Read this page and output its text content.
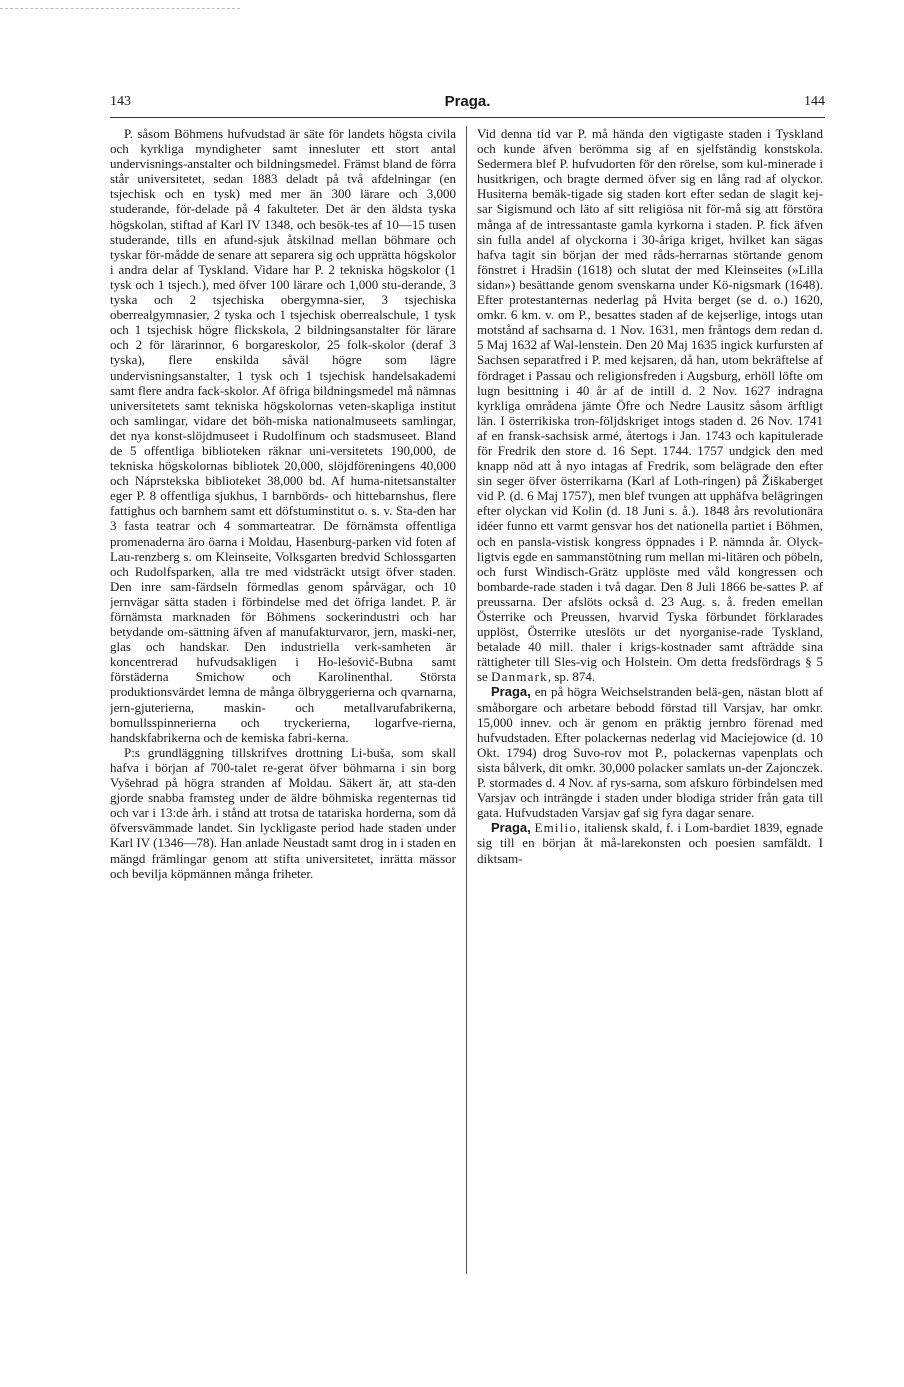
143	Praga.	144

P. såsom Böhmens hufvudstad är säte för landets högsta civila och kyrkliga myndigheter samt innesluter ett stort antal undervisnings-anstalter och bildningsmedel. Främst bland de förra står universitetet, sedan 1883 deladt på två afdelningar (en tsjechisk och en tysk) med mer än 300 lärare och 3,000 studerande, för-delade på 4 fakulteter. Det är den äldsta tyska högskolan, stiftad af Karl IV 1348, och besök-tes af 10—15 tusen studerande, tills en afund-sjuk åtskilnad mellan böhmare och tyskar för-mådde de senare att separera sig och upprätta högskolor i andra delar af Tyskland. Vidare har P. 2 tekniska högskolor (1 tysk och 1 tsjech.), med öfver 100 lärare och 1,000 stu-derande, 3 tyska och 2 tsjechiska obergymna-sier, 3 tsjechiska oberrealgymnasier, 2 tyska och 1 tsjechisk oberrealschule, 1 tysk och 1 tsjechisk högre flickskola, 2 bildningsanstalter för lärare och 2 för lärarinnor, 6 borgareskolor, 25 folk-skolor (deraf 3 tyska), flere enskilda såväl högre som lägre undervisningsanstalter, 1 tysk och 1 tsjechisk handelsakademi samt flere andra fack-skolor. Af öfriga bildningsmedel må nämnas universitetets samt tekniska högskolornas veten-skapliga institut och samlingar, vidare det böh-miska nationalmuseets samlingar, det nya konst-slöjdmuseet i Rudolfinum och stadsmuseet. Bland de 5 offentliga biblioteken räknar uni-versitetets 190,000, de tekniska högskolornas bibliotek 20,000, slöjdföreningens 40,000 och Náprstekska biblioteket 38,000 bd. Af huma-nitetsanstalter eger P. 8 offentliga sjukhus, 1 barnbörds- och hittebarnshus, flere fattighus och barnhem samt ett döfstuminstitut o. s. v. Sta-den har 3 fasta teatrar och 4 sommarteatrar. De förnämsta offentliga promenaderna äro öarna i Moldau, Hasenburg-parken vid foten af Lau-renzberg s. om Kleinseite, Volksgarten bredvid Schlossgarten och Rudolfsparken, alla tre med vidsträckt utsigt öfver staden. Den inre sam-färdseln förmedlas genom spårvägar, och 10 jernvägar sätta staden i förbindelse med det öfriga landet. P. är förnämsta marknaden för Böhmens sockerindustri och har betydande om-sättning äfven af manufakturvaror, jern, maski-ner, glas och handskar. Den industriella verk-samheten är koncentrerad hufvudsakligen i Ho-lešovič-Bubna samt förstäderna Smichow och Karolinenthal. Största produktionsvärdet lemna de många ölbryggerierna och qvarnarna, jern-gjuterierna, maskin- och metallvarufabrikerna, bomullsspinnerierna och tryckerierna, logarfve-rierna, handskfabrikerna och de kemiska fabri-kerna.

P:s grundläggning tillskrifves drottning Li-buša, som skall hafva i början af 700-talet re-gerat öfver böhmarna i sin borg Vyšehrad på högra stranden af Moldau. Säkert är, att sta-den gjorde snabba framsteg under de äldre böhmiska regenternas tid och var i 13:de årh. i stånd att trotsa de tatariska horderna, som då öfversvämmade landet. Sin lyckligaste period hade staden under Karl IV (1346—78). Han anlade Neustadt samt drog in i staden en mängd främlingar genom att stifta universitetet, inrätta mässor och bevilja köpmännen många friheter.

Vid denna tid var P. må hända den vigtigaste staden i Tyskland och kunde äfven berömma sig af en sjelfständig konstskola. Sedermera blef P. hufvudorten för den rörelse, som kul-minerade i husitkrigen, och bragte dermed öfver sig en lång rad af olyckor. Husiterna bemäk-tigade sig staden kort efter sedan de slagit kej-sar Sigismund och läto af sitt religiösa nit för-må sig att förstöra många af de intressantaste gamla kyrkorna i staden. P. fick äfven sin fulla andel af olyckorna i 30-åriga kriget, hvilket kan sägas hafva tagit sin början der med råds-herrarnas störtande genom fönstret i Hradšin (1618) och slutat der med Kleinseites (»Lilla sidan») besättande genom svenskarna under Kö-nigsmark (1648). Efter protestanternas nederlag på Hvita berget (se d. o.) 1620, omkr. 6 km. v. om P., besattes staden af de kejserlige, intogs utan motstånd af sachsarna d. 1 Nov. 1631, men fråntogs dem redan d. 5 Maj 1632 af Wal-lenstein. Den 20 Maj 1635 ingick kurfursten af Sachsen separatfred i P. med kejsaren, då han, utom bekräftelse af fördraget i Passau och religionsfreden i Augsburg, erhöll löfte om lugn besittning i 40 år af de intill d. 2 Nov. 1627 indragna kyrkliga områdena jämte Öfre och Nedre Lausitz såsom ärftligt län. I österrikiska tron-följdskriget intogs staden d. 26 Nov. 1741 af en fransk-sachsisk armé, återtogs i Jan. 1743 och kapitulerade för Fredrik den store d. 16 Sept. 1744. 1757 undgick den med knapp nöd att å nyo intagas af Fredrik, som belägrade den efter sin seger öfver österrikarna (Karl af Loth-ringen) på Žiškaberget vid P. (d. 6 Maj 1757), men blef tvungen att upphäfva belägringen efter olyckan vid Kolin (d. 18 Juni s. å.). 1848 års revolutionära idéer funno ett varmt gensvar hos det nationella partiet i Böhmen, och en pansla-vistisk kongress öppnades i P. nämnda år. Olyck-ligtvis egde en sammanstötning rum mellan mi-litären och pöbeln, och furst Windisch-Grätz upplöste med våld kongressen och bombarde-rade staden i två dagar. Den 8 Juli 1866 be-sattes P. af preussarna. Der afslöts också d. 23 Aug. s. å. freden emellan Österrike och Preussen, hvarvid Tyska förbundet förklarades upplöst, Österrike uteslöts ur det nyorganise-rade Tyskland, betalade 40 mill. thaler i krigs-kostnader samt afträdde sina rättigheter till Sles-vig och Holstein. Om detta fredsfördrags § 5 se Danmark, sp. 874.

Praga, en på högra Weichselstranden belä-gen, nästan blott af småborgare och arbetare bebodd förstad till Varsjav, har omkr. 15,000 innev. och är genom en präktig jernbro förenad med hufvudstaden. Efter polackernas nederlag vid Maciejowice (d. 10 Okt. 1794) drog Suvo-rov mot P., polackernas vapenplats och sista bålverk, dit omkr. 30,000 polacker samlats un-der Zajonczek. P. stormades d. 4 Nov. af rys-sarna, som afskuro förbindelsen med Varsjav och inträngde i staden under blodiga strider från gata till gata. Hufvudstaden Varsjav gaf sig fyra dagar senare.

Praga, Emilio, italiensk skald, f. i Lom-bardiet 1839, egnade sig till en början åt må-larekonsten och poesien samfäldt. I diktsam-
